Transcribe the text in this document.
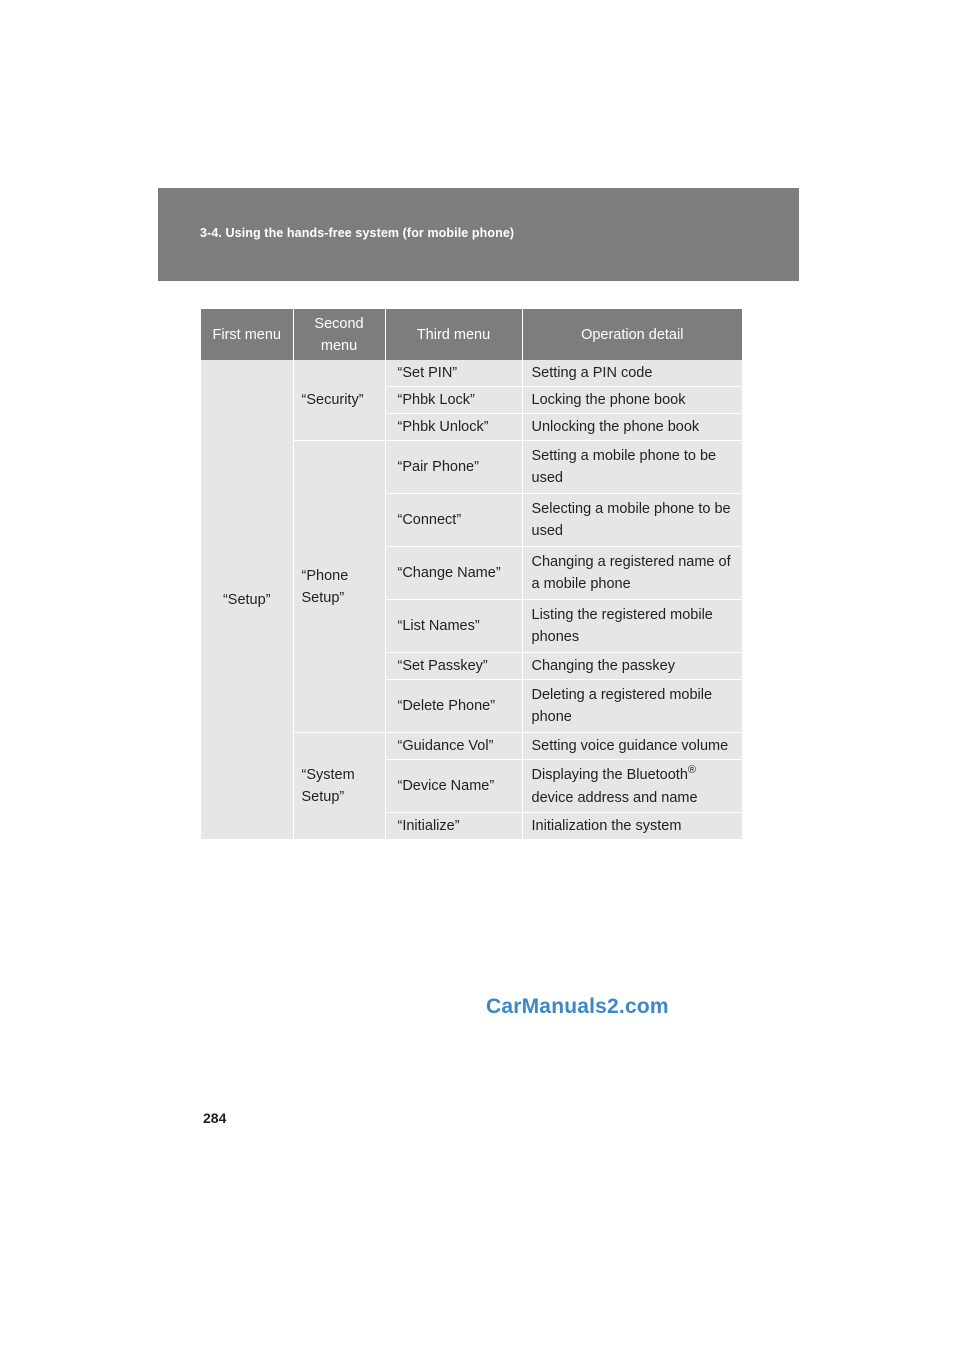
3-4. Using the hands-free system (for mobile phone)
First menu	Second menu	Third menu	Operation detail
“Setup”	“Security”	“Set PIN”	Setting a PIN code
		“Phbk Lock”	Locking the phone book
		“Phbk Unlock”	Unlocking the phone book
	“Phone Setup”	“Pair Phone”	Setting a mobile phone to be used
		“Connect”	Selecting a mobile phone to be used
		“Change Name”	Changing a registered name of a mobile phone
		“List Names”	Listing the registered mobile phones
		“Set Passkey”	Changing the passkey
		“Delete Phone”	Deleting a registered mobile phone
	“System Setup”	“Guidance Vol”	Setting voice guidance volume
		“Device Name”	Displaying the Bluetooth® device address and name
		“Initialize”	Initialization the system
CarManuals2.com
284
